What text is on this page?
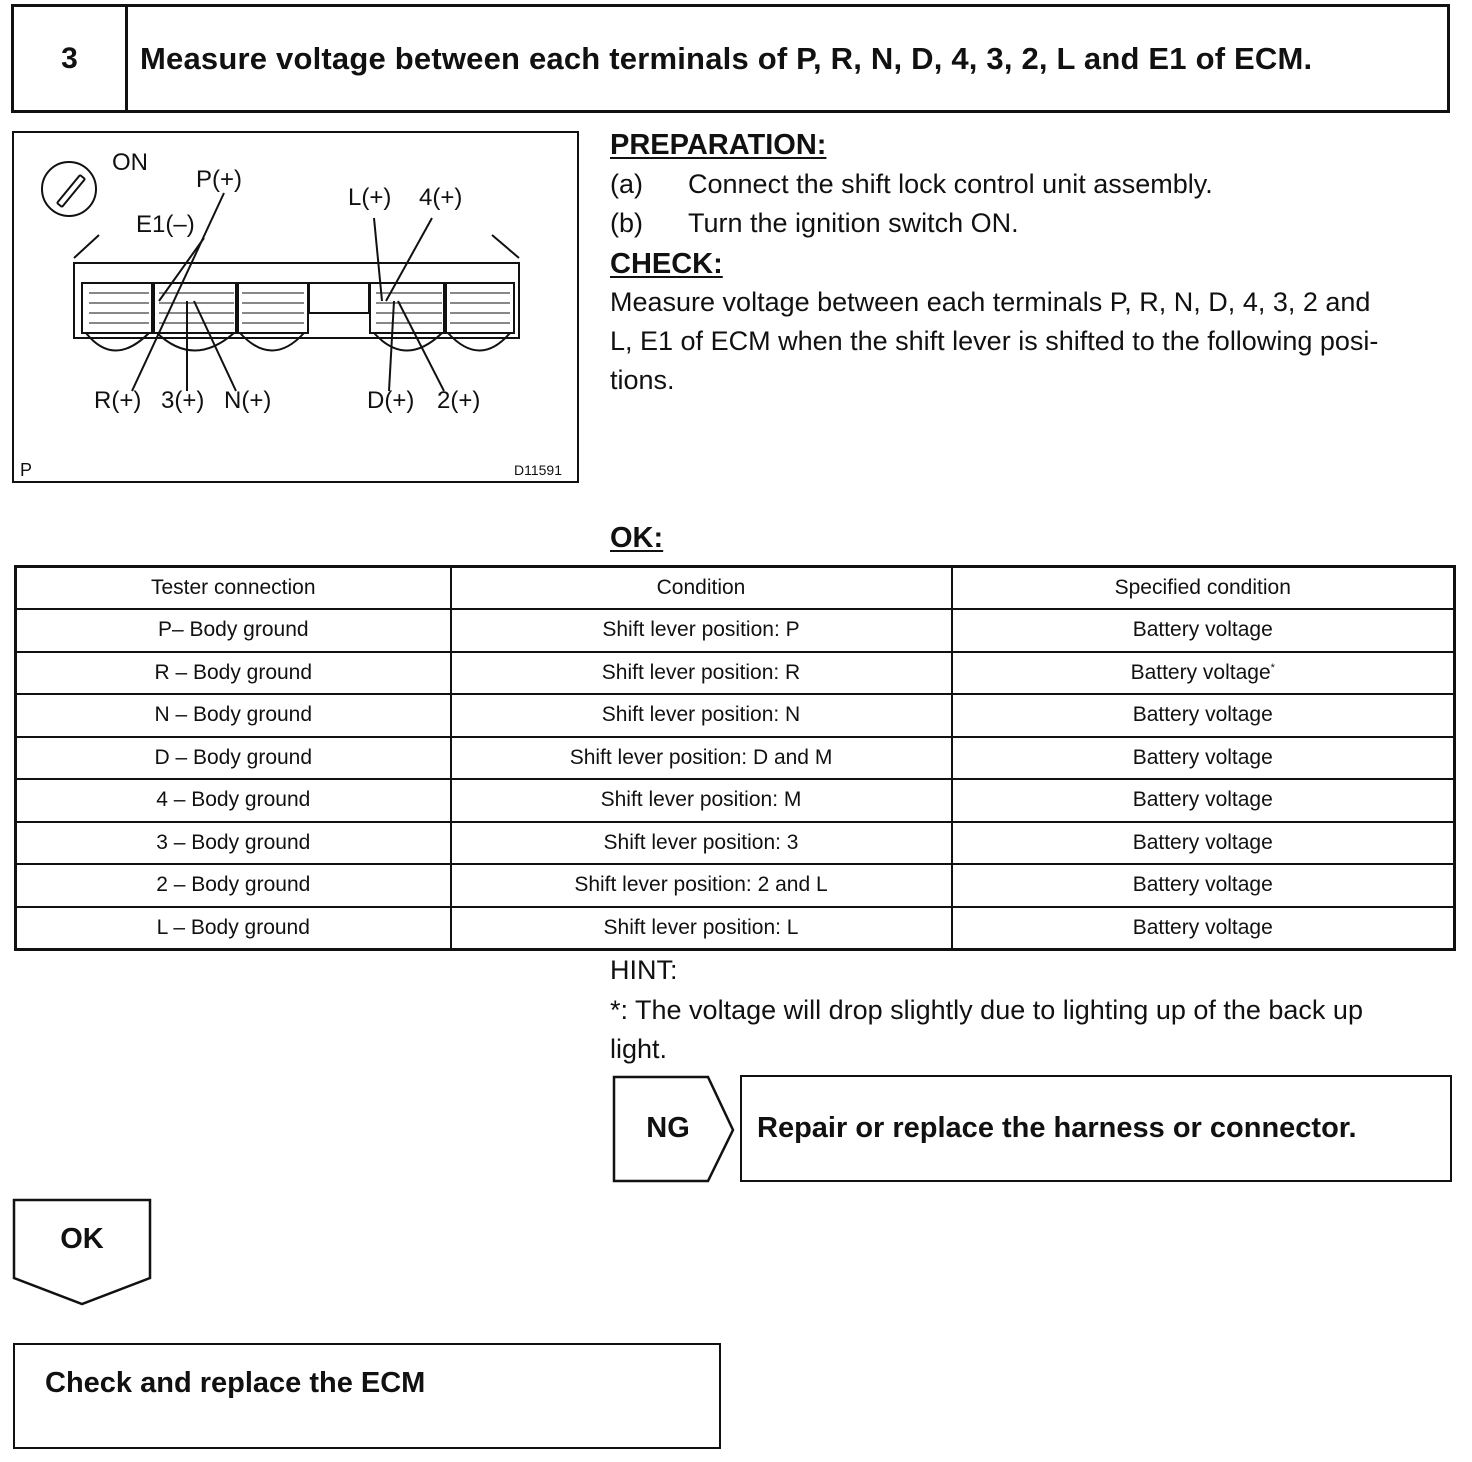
3	Measure voltage between each terminals of P, R, N, D, 4, 3, 2, L and E1 of ECM.
ON
P(+)
E1(–)
L(+) 4(+)
R(+) 3(+) N(+)	D(+) 2(+)
P	D11591
PREPARATION:
(a) Connect the shift lock control unit assembly.
(b) Turn the ignition switch ON.
CHECK:
Measure voltage between each terminals P, R, N, D, 4, 3, 2 and
L, E1 of ECM when the shift lever is shifted to the following posi-
tions.
OK:
Tester connection	Condition	Specified condition
P– Body ground	Shift lever position: P	Battery voltage
R – Body ground	Shift lever position: R	Battery voltage*
N – Body ground	Shift lever position: N	Battery voltage
D – Body ground	Shift lever position: D and M	Battery voltage
4 – Body ground	Shift lever position: M	Battery voltage
3 – Body ground	Shift lever position: 3	Battery voltage
2 – Body ground	Shift lever position: 2 and L	Battery voltage
L – Body ground	Shift lever position: L	Battery voltage
HINT:
*: The voltage will drop slightly due to lighting up of the back up
light.
NG	Repair or replace the harness or connector.
OK
Check and replace the ECM
